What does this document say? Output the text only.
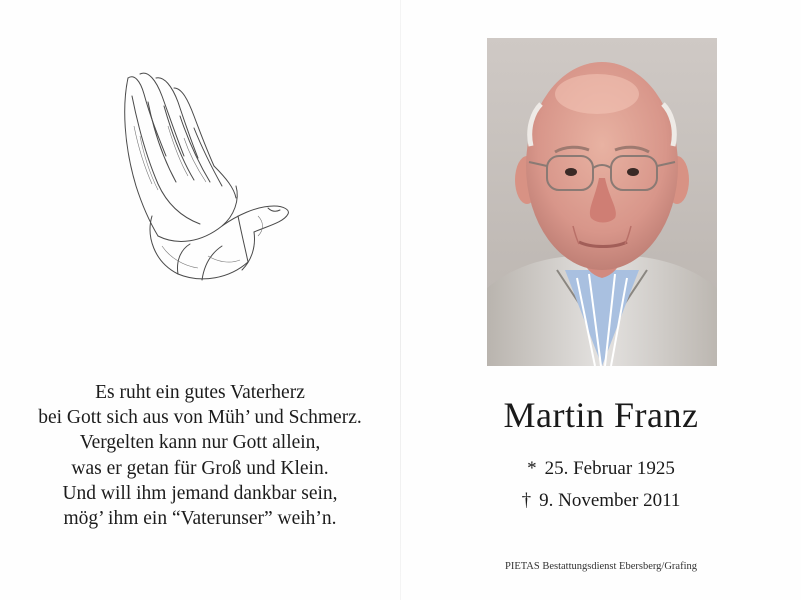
Es ruht ein gutes Vaterherz
bei Gott sich aus von Müh’ und Schmerz.
Vergelten kann nur Gott allein,
was er getan für Groß und Klein.
Und will ihm jemand dankbar sein,
mög’ ihm ein “Vaterunser” weih’n.
Martin Franz
* 25. Februar 1925
† 9. November 2011
PIETAS Bestattungsdienst Ebersberg/Grafing
